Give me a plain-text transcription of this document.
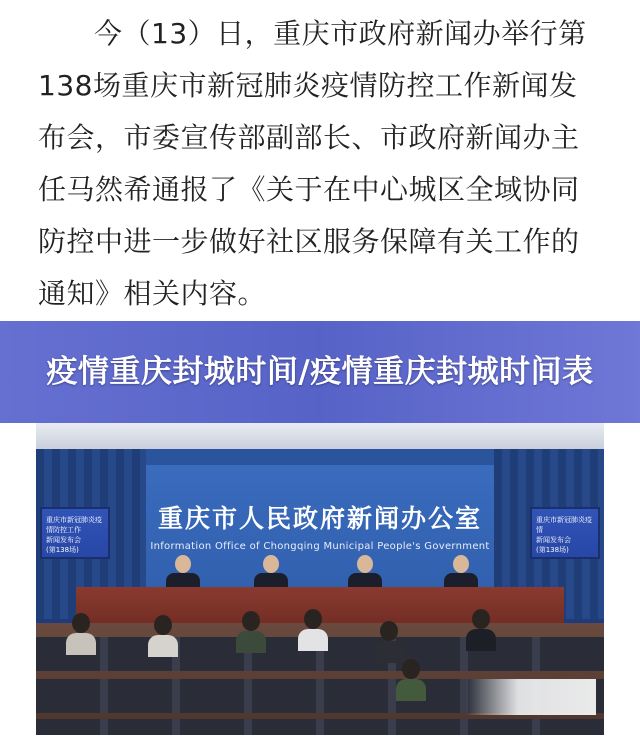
今（13）日，重庆市政府新闻办举行第138场重庆市新冠肺炎疫情防控工作新闻发布会，市委宣传部副部长、市政府新闻办主任马然希通报了《关于在中心城区全域协同防控中进一步做好社区服务保障有关工作的通知》相关内容。

疫情重庆封城时间/疫情重庆封城时间表
重庆市新冠肺炎疫情防控工作
新闻发布会
(第138场)
重庆市新冠肺炎疫情
新闻发布会
(第138场)
重庆市人民政府新闻办公室
Information Office of Chongqing Municipal People's Government
